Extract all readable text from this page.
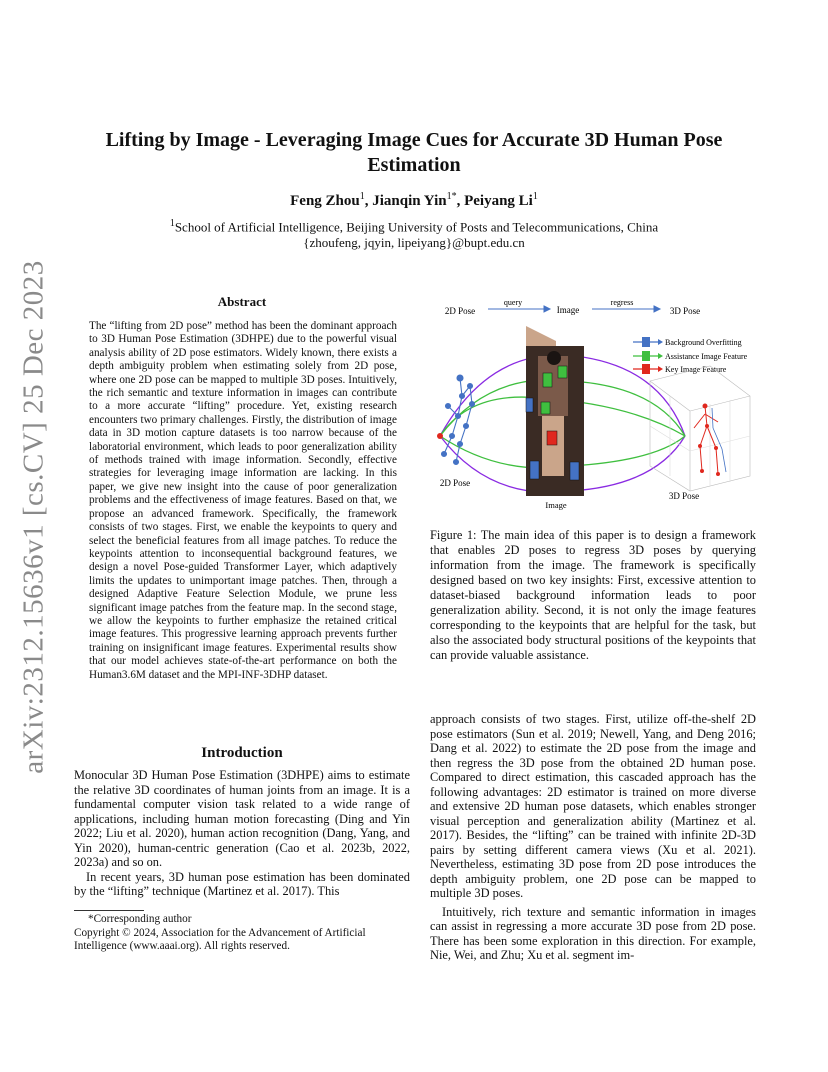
arXiv:2312.15636v1 [cs.CV] 25 Dec 2023
Lifting by Image - Leveraging Image Cues for Accurate 3D Human Pose Estimation
Feng Zhou$^1$, Jianqin Yin$^{1*}$, Peiyang Li$^1$
$^1$School of Artificial Intelligence, Beijing University of Posts and Telecommunications, China
{zhoufeng, jqyin, lipeiyang}@bupt.edu.cn
Abstract
The “lifting from 2D pose” method has been the dominant approach to 3D Human Pose Estimation (3DHPE) due to the powerful visual analysis ability of 2D pose estimators. Widely known, there exists a depth ambiguity problem when estimating solely from 2D pose, where one 2D pose can be mapped to multiple 3D poses. Intuitively, the rich semantic and texture information in images can contribute to a more accurate “lifting” procedure. Yet, existing research encounters two primary challenges. Firstly, the distribution of image data in 3D motion capture datasets is too narrow because of the laboratorial environment, which leads to poor generalization ability of methods trained with image information. Secondly, effective strategies for leveraging image information are lacking. In this paper, we give new insight into the cause of poor generalization problems and the effectiveness of image features. Based on that, we propose an advanced framework. Specifically, the framework consists of two stages. First, we enable the keypoints to query and select the beneficial features from all image patches. To reduce the keypoints attention to inconsequential background features, we design a novel Pose-guided Transformer Layer, which adaptively limits the updates to unimportant image patches. Then, through a designed Adaptive Feature Selection Module, we prune less significant image patches from the feature map. In the second stage, we allow the keypoints to further emphasize the retained critical image features. This progressive learning approach prevents further training on insignificant image features. Experimental results show that our model achieves state-of-the-art performance on both the Human3.6M dataset and the MPI-INF-3DHP dataset.
Introduction

Monocular 3D Human Pose Estimation (3DHPE) aims to estimate the relative 3D coordinates of human joints from an image. It is a fundamental computer vision task related to a wide range of applications, including human motion forecasting (Ding and Yin 2022; Liu et al. 2020), human action recognition (Dang, Yang, and Yin 2020), human-centric generation (Cao et al. 2023b, 2022, 2023a) and so on.

In recent years, 3D human pose estimation has been dominated by the “lifting” technique (Martinez et al. 2017). This

*Corresponding author
Copyright © 2024, Association for the Advancement of Artificial Intelligence (www.aaai.org). All rights reserved.
2D Pose	Image	3D Pose
query	regress
Background Overfitting
Assistance Image Feature
Key Image Feature
2D Pose
Image
3D Pose
Figure 1: The main idea of this paper is to design a framework that enables 2D poses to regress 3D poses by querying information from the image. The framework is specifically designed based on two key insights: First, excessive attention to dataset-biased background information leads to poor generalization ability. Second, it is not only the image features corresponding to the keypoints that are helpful for the task, but also the associated body structural positions of the keypoints that can provide valuable assistance.

approach consists of two stages. First, utilize off-the-shelf 2D pose estimators (Sun et al. 2019; Newell, Yang, and Deng 2016; Dang et al. 2022) to estimate the 2D pose from the image and then regress the 3D pose from the obtained 2D human pose. Compared to direct estimation, this cascaded approach has the following advantages: 2D estimator is trained on more diverse and extensive 2D human pose datasets, which enables stronger visual perception and generalization ability (Martinez et al. 2017). Besides, the “lifting” can be trained with infinite 2D-3D pairs by setting different camera views (Xu et al. 2021). Nevertheless, estimating 3D pose from 2D pose introduces the depth ambiguity problem, one 2D pose can be mapped to multiple 3D poses.

Intuitively, rich texture and semantic information in images can assist in regressing a more accurate 3D pose from 2D pose. There has been some exploration in this direction. For example, Nie, Wei, and Zhu; Xu et al. segment im-
